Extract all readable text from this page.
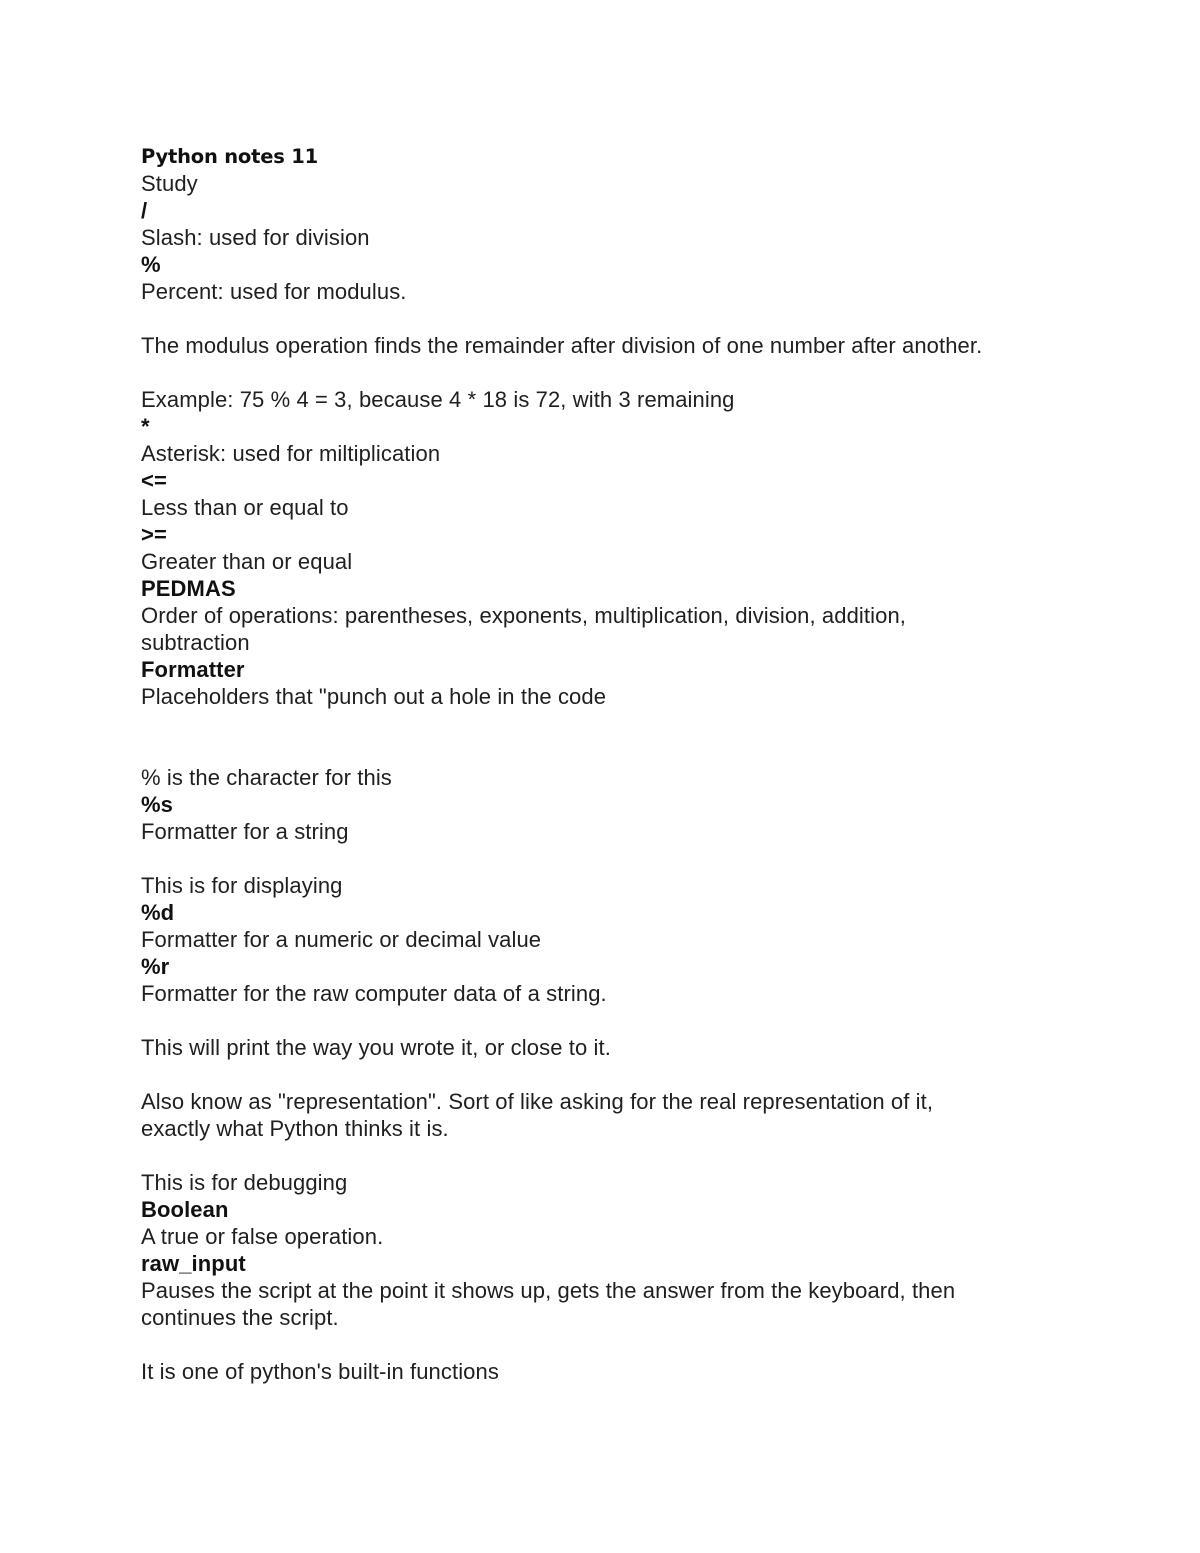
Python notes 11
Study
/
Slash: used for division
%
Percent: used for modulus.
The modulus operation finds the remainder after division of one number after another.
Example: 75 % 4 = 3, because 4 * 18 is 72, with 3 remaining
*
Asterisk: used for miltiplication
<=
Less than or equal to
>=
Greater than or equal
PEDMAS
Order of operations: parentheses, exponents, multiplication, division, addition,
subtraction
Formatter
Placeholders that "punch out a hole in the code
% is the character for this
%s
Formatter for a string
This is for displaying
%d
Formatter for a numeric or decimal value
%r
Formatter for the raw computer data of a string.
This will print the way you wrote it, or close to it.
Also know as "representation". Sort of like asking for the real representation of it,
exactly what Python thinks it is.
This is for debugging
Boolean
A true or false operation.
raw_input
Pauses the script at the point it shows up, gets the answer from the keyboard, then
continues the script.
It is one of python's built-in functions
